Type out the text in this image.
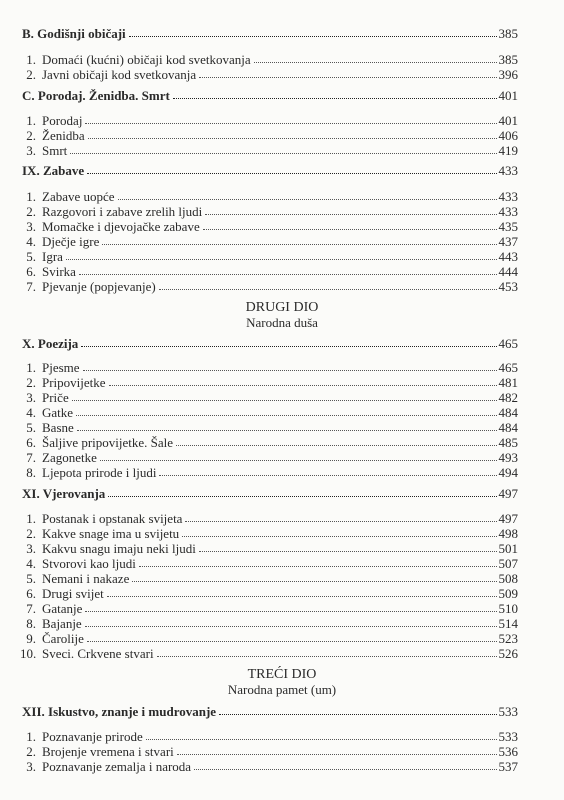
B. Godišnji običaji	385
1. Domaći (kućni) običaji kod svetkovanja	385
2. Javni običaji kod svetkovanja	396
C. Porodaj. Ženidba. Smrt	401
1. Porodaj	401
2. Ženidba	406
3. Smrt	419
IX. Zabave	433
1. Zabave uopće	433
2. Razgovori i zabave zrelih ljudi	433
3. Momačke i djevojačke zabave	435
4. Dječje igre	437
5. Igra	443
6. Svirka	444
7. Pjevanje (popjevanje)	453
DRUGI DIO
Narodna duša
X. Poezija	465
1. Pjesme	465
2. Pripovijetke	481
3. Priče	482
4. Gatke	484
5. Basne	484
6. Šaljive pripovijetke. Šale	485
7. Zagonetke	493
8. Ljepota prirode i ljudi	494
XI. Vjerovanja	497
1. Postanak i opstanak svijeta	497
2. Kakve snage ima u svijetu	498
3. Kakvu snagu imaju neki ljudi	501
4. Stvorovi kao ljudi	507
5. Nemani i nakaze	508
6. Drugi svijet	509
7. Gatanje	510
8. Bajanje	514
9. Čarolije	523
10. Sveci. Crkvene stvari	526
TREĆI DIO
Narodna pamet (um)
XII. Iskustvo, znanje i mudrovanje	533
1. Poznavanje prirode	533
2. Brojenje vremena i stvari	536
3. Poznavanje zemalja i naroda	537
